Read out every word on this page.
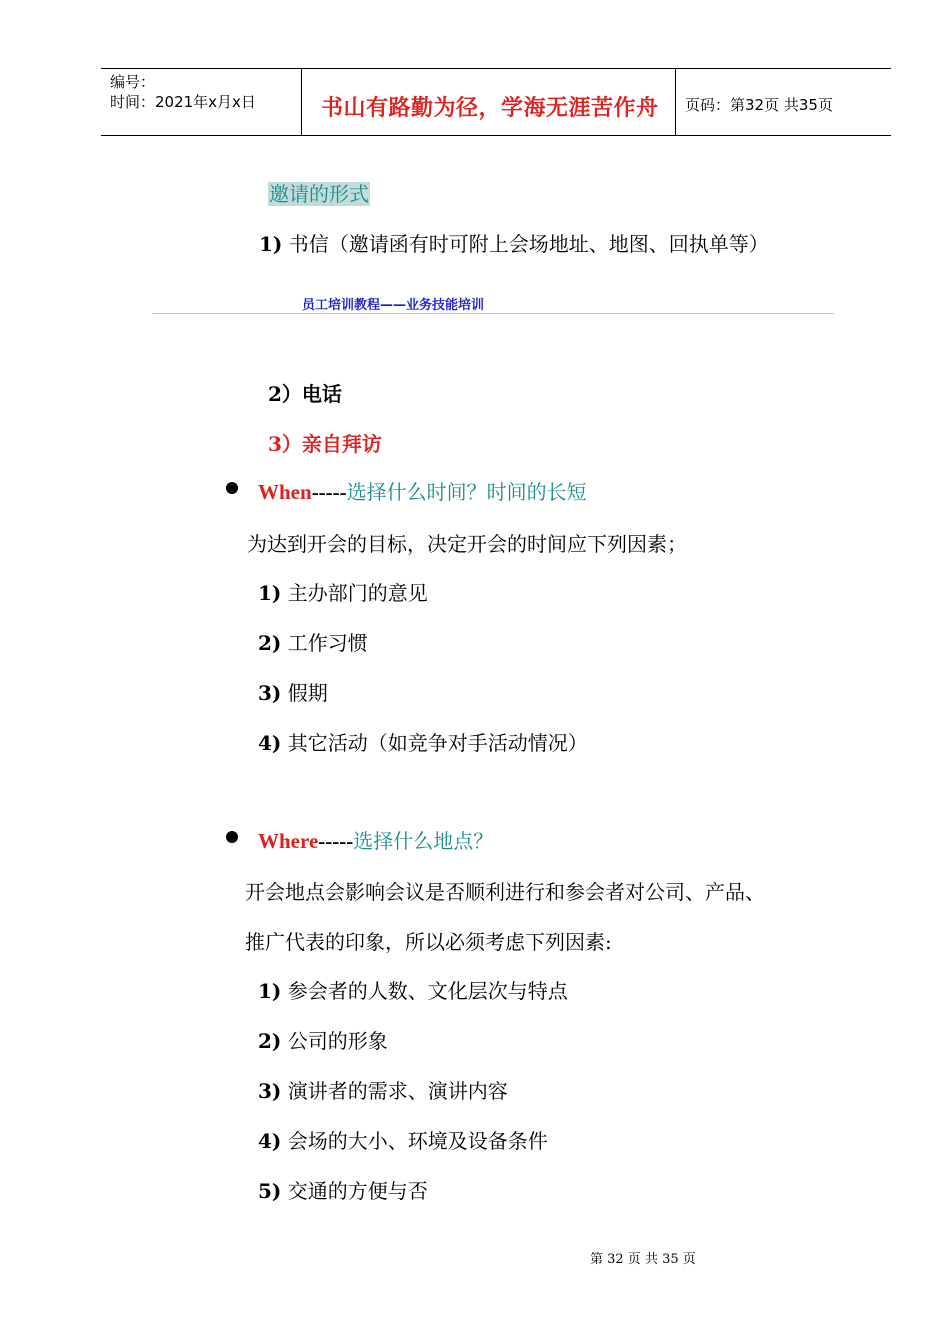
编号：
时间：2021年x月x日	书山有路勤为径，学海无涯苦作舟 页码：第32页 共35页
邀请的形式
1) 书信（邀请函有时可附上会场地址、地图、回执单等）
员工培训教程——业务技能培训
2）电话
3）亲自拜访
When-----选择什么时间？时间的长短
为达到开会的目标，决定开会的时间应下列因素；
1) 主办部门的意见
2) 工作习惯
3) 假期
4) 其它活动（如竞争对手活动情况）
Where-----选择什么地点？
开会地点会影响会议是否顺利进行和参会者对公司、产品、
推广代表的印象，所以必须考虑下列因素:
1) 参会者的人数、文化层次与特点
2) 公司的形象
3) 演讲者的需求、演讲内容
4) 会场的大小、环境及设备条件
5) 交通的方便与否
第 32 页 共 35 页
